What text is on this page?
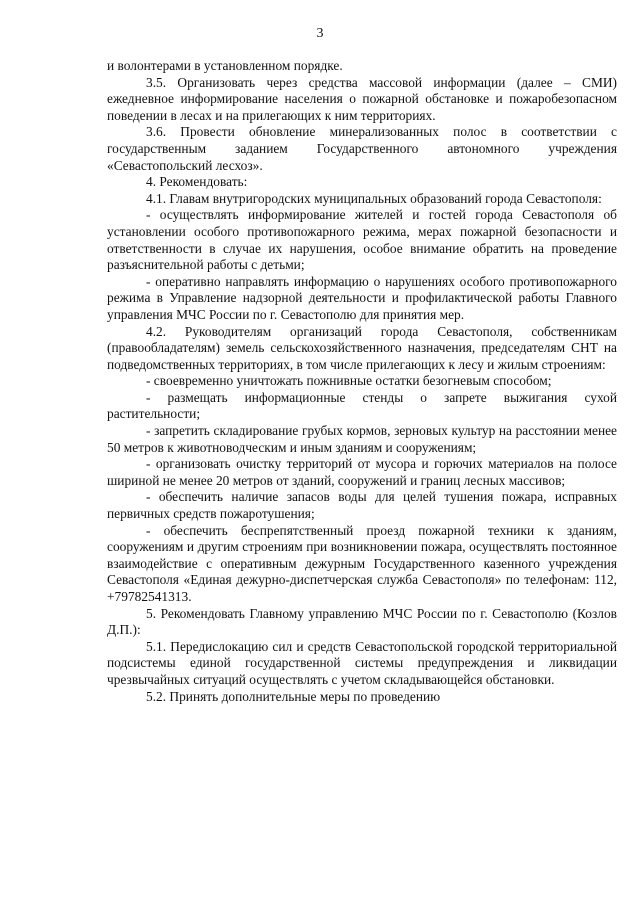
3

и волонтерами в установленном порядке.

3.5. Организовать через средства массовой информации (далее – СМИ) ежедневное информирование населения о пожарной обстановке и пожаробезопасном поведении в лесах и на прилегающих к ним территориях.

3.6. Провести обновление минерализованных полос в соответствии с государственным заданием Государственного автономного учреждения «Севастопольский лесхоз».

4. Рекомендовать:

4.1. Главам внутригородских муниципальных образований города Севастополя:

- осуществлять информирование жителей и гостей города Севастополя об установлении особого противопожарного режима, мерах пожарной безопасности и ответственности в случае их нарушения, особое внимание обратить на проведение разъяснительной работы с детьми;

- оперативно направлять информацию о нарушениях особого противопожарного режима в Управление надзорной деятельности и профилактической работы Главного управления МЧС России по г. Севастополю для принятия мер.

4.2. Руководителям организаций города Севастополя, собственникам (правообладателям) земель сельскохозяйственного назначения, председателям СНТ на подведомственных территориях, в том числе прилегающих к лесу и жилым строениям:

- своевременно уничтожать пожнивные остатки безогневым способом;

- размещать информационные стенды о запрете выжигания сухой растительности;

- запретить складирование грубых кормов, зерновых культур на расстоянии менее 50 метров к животноводческим и иным зданиям и сооружениям;

- организовать очистку территорий от мусора и горючих материалов на полосе шириной не менее 20 метров от зданий, сооружений и границ лесных массивов;

- обеспечить наличие запасов воды для целей тушения пожара, исправных первичных средств пожаротушения;

- обеспечить беспрепятственный проезд пожарной техники к зданиям, сооружениям и другим строениям при возникновении пожара, осуществлять постоянное взаимодействие с оперативным дежурным Государственного казенного учреждения Севастополя «Единая дежурно-диспетчерская служба Севастополя» по телефонам: 112, +79782541313.

5. Рекомендовать Главному управлению МЧС России по г. Севастополю (Козлов Д.П.):

5.1. Передислокацию сил и средств Севастопольской городской территориальной подсистемы единой государственной системы предупреждения и ликвидации чрезвычайных ситуаций осуществлять с учетом складывающейся обстановки.

5.2. Принять дополнительные меры по проведению
